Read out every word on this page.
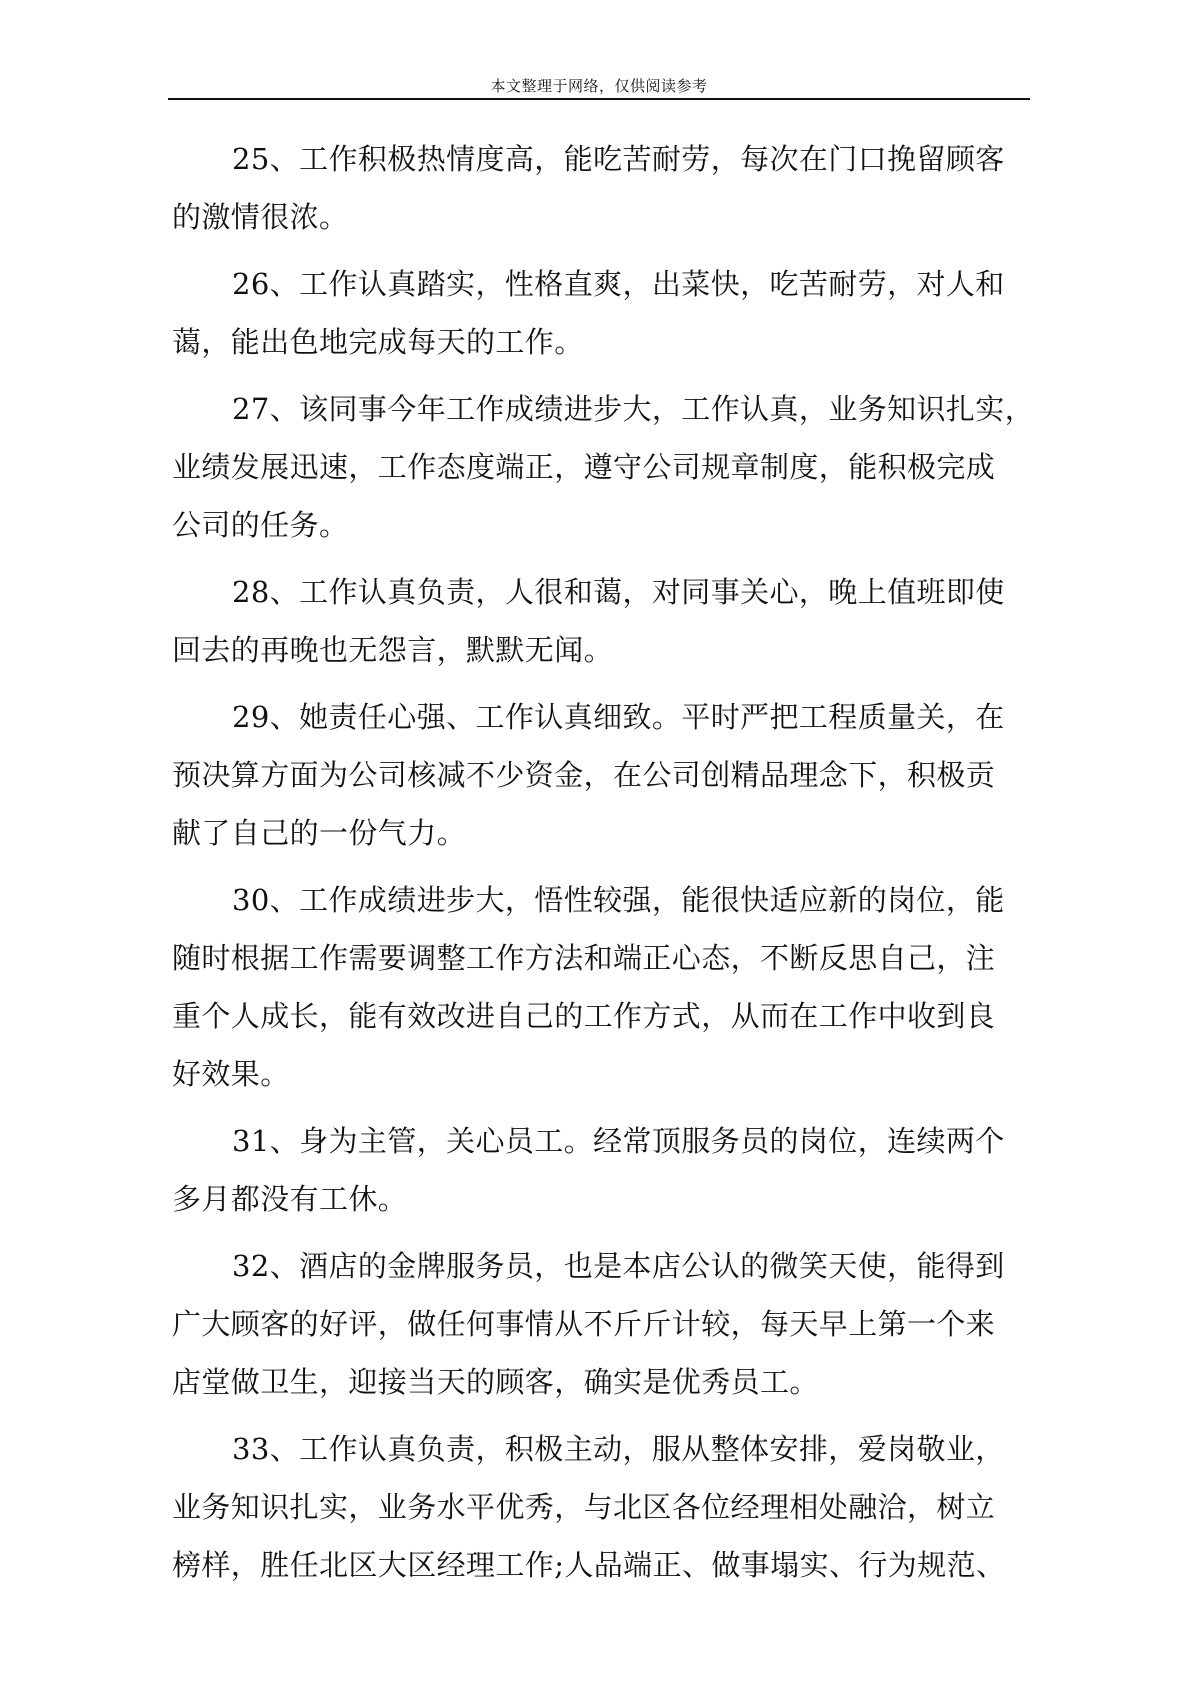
本文整理于网络，仅供阅读参考
25、工作积极热情度高，能吃苦耐劳，每次在门口挽留顾客
的激情很浓。
26、工作认真踏实，性格直爽，出菜快，吃苦耐劳，对人和
蔼，能出色地完成每天的工作。
27、该同事今年工作成绩进步大，工作认真，业务知识扎实，
业绩发展迅速，工作态度端正，遵守公司规章制度，能积极完成
公司的任务。
28、工作认真负责，人很和蔼，对同事关心，晚上值班即使
回去的再晚也无怨言，默默无闻。
29、她责任心强、工作认真细致。平时严把工程质量关，在
预决算方面为公司核减不少资金，在公司创精品理念下，积极贡
献了自己的一份气力。
30、工作成绩进步大，悟性较强，能很快适应新的岗位，能
随时根据工作需要调整工作方法和端正心态，不断反思自己，注
重个人成长，能有效改进自己的工作方式，从而在工作中收到良
好效果。
31、身为主管，关心员工。经常顶服务员的岗位，连续两个
多月都没有工休。
32、酒店的金牌服务员，也是本店公认的微笑天使，能得到
广大顾客的好评，做任何事情从不斤斤计较，每天早上第一个来
店堂做卫生，迎接当天的顾客，确实是优秀员工。
33、工作认真负责，积极主动，服从整体安排，爱岗敬业，
业务知识扎实，业务水平优秀，与北区各位经理相处融洽，树立
榜样，胜任北区大区经理工作;人品端正、做事塌实、行为规范、
